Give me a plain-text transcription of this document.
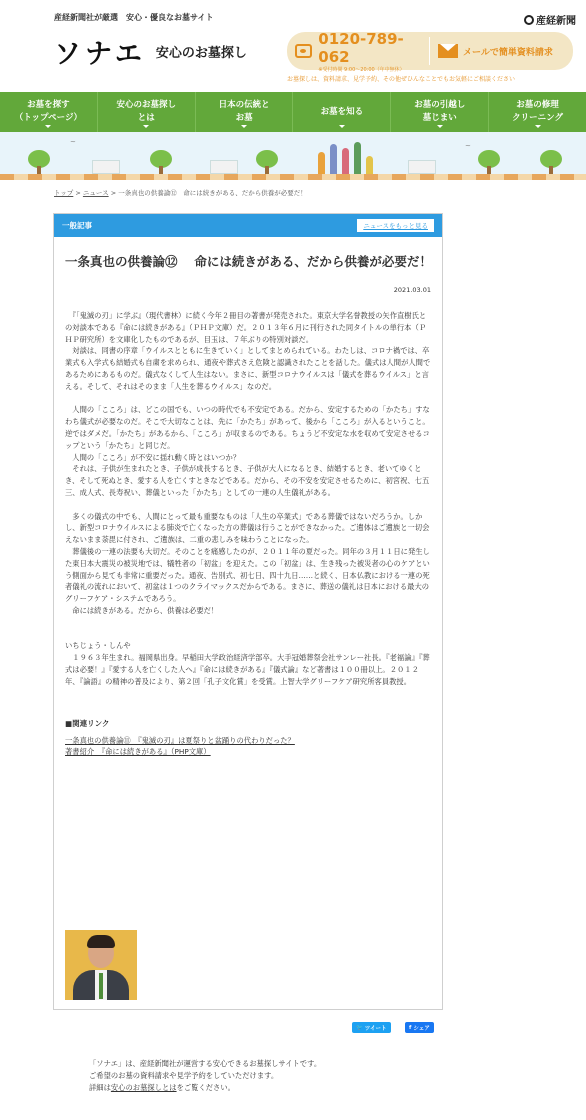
産経新聞社が厳選　安心・優良なお墓サイト
ソナエ 安心のお墓探し
産経新聞
0120-789-062
※受付時間 9:00〜20:00（年中無休）
メールで簡単資料請求
お墓探しは、資料請求、見学予約、その他ぜひんなことでもお気軽にご相談ください
お墓を探す
（トップページ）
安心のお墓探し
とは
日本の伝統と
お墓
お墓を知る
お墓の引越し
墓じまい
お墓の修理
クリーニング
~	~
トップ > ニュース > 一条真也の供養論⑫　命には続きがある、だから供養が必要だ！
一般記事	ニュースをもっと見る
一条真也の供養論⑫　 命には続きがある、だから供養が必要だ！
2021.03.01
　『「鬼滅の刃」に学ぶ』（現代書林）に続く今年２冊目の著書が発売された。東京大学名誉教授の矢作直樹氏との対談本である『命には続きがある』（ＰＨＰ文庫）だ。２０１３年６月に刊行された同タイトルの単行本（ＰＨＰ研究所）を文庫化したものであるが、目玉は、７年ぶりの特別対談だ。
　対談は、同書の序章「ウイルスとともに生きていく」としてまとめられている。わたしは、コロナ禍では、卒業式も入学式も結婚式も自粛を求められ、通夜や葬式さえ危険と認識されたことを話した。儀式は人間が人間であるためにあるものだ。儀式なくして人生はない。まさに、新型コロナウイルスは「儀式を葬るウイルス」と言える。そして、それはそのまま「人生を葬るウイルス」なのだ。

　人間の「こころ」は、どこの国でも、いつの時代でも不安定である。だから、安定するための「かたち」すなわち儀式が必要なのだ。そこで大切なことは、先に「かたち」があって、後から「こころ」が入るということ。逆ではダメだ。「かたち」があるから、「こころ」が収まるのである。ちょうど不安定な水を収めて安定させるコップという「かたち」と同じだ。
　人間の「こころ」が不安に揺れ動く時とはいつか？
　それは、子供が生まれたとき、子供が成長するとき、子供が大人になるとき、結婚するとき、老いてゆくとき、そして死ぬとき、愛する人を亡くすときなどである。だから、その不安を安定させるために、初宮祝、七五三、成人式、長寿祝い、葬儀といった「かたち」としての一連の人生儀礼がある。

　多くの儀式の中でも、人間にとって最も重要なものは「人生の卒業式」である葬儀ではないだろうか。しかし、新型コロナウイルスによる肺炎で亡くなった方の葬儀は行うことができなかった。ご遺体はご遺族と一切会えないまま荼毘に付され、ご遺族は、二重の悲しみを味わうことになった。
　葬儀後の一連の法要も大切だ。そのことを痛感したのが、２０１１年の夏だった。同年の３月１１日に発生した東日本大震災の被災地では、犠牲者の「初盆」を迎えた。この「初盆」は、生き残った被災者の心のケアという側面から見ても非常に重要だった。通夜、告別式、初七日、四十九日……と続く、日本仏教における一連の死者儀礼の流れにおいて、初盆は１つのクライマックスだからである。まさに、葬送の儀礼は日本における最大のグリーフケア・システムであろう。
　命には続きがある。だから、供養は必要だ！

いちじょう・しんや
　１９６３年生まれ。福岡県出身。早稲田大学政治経済学部卒。大手冠婚葬祭会社サンレー社長。『老福論』『葬式は必要！』『愛する人を亡くした人へ』『命には続きがある』『儀式論』など著書は１００冊以上。２０１２年、『論語』の精神の普及により、第２回「孔子文化賞」を受賞。上智大学グリーフケア研究所客員教授。
■関連リンク
一条真也の供養論⑪　『鬼滅の刃』は夏祭りと盆踊りの代わりだった？
著書紹介　『命には続きがある』（PHP文庫）
🐦 ツイート	f シェア
「ソナエ」は、産経新聞社が運営する安心できるお墓探しサイトです。
ご希望のお墓の資料請求や見学予約をしていただけます。
詳細は安心のお墓探しとはをご覧ください。
